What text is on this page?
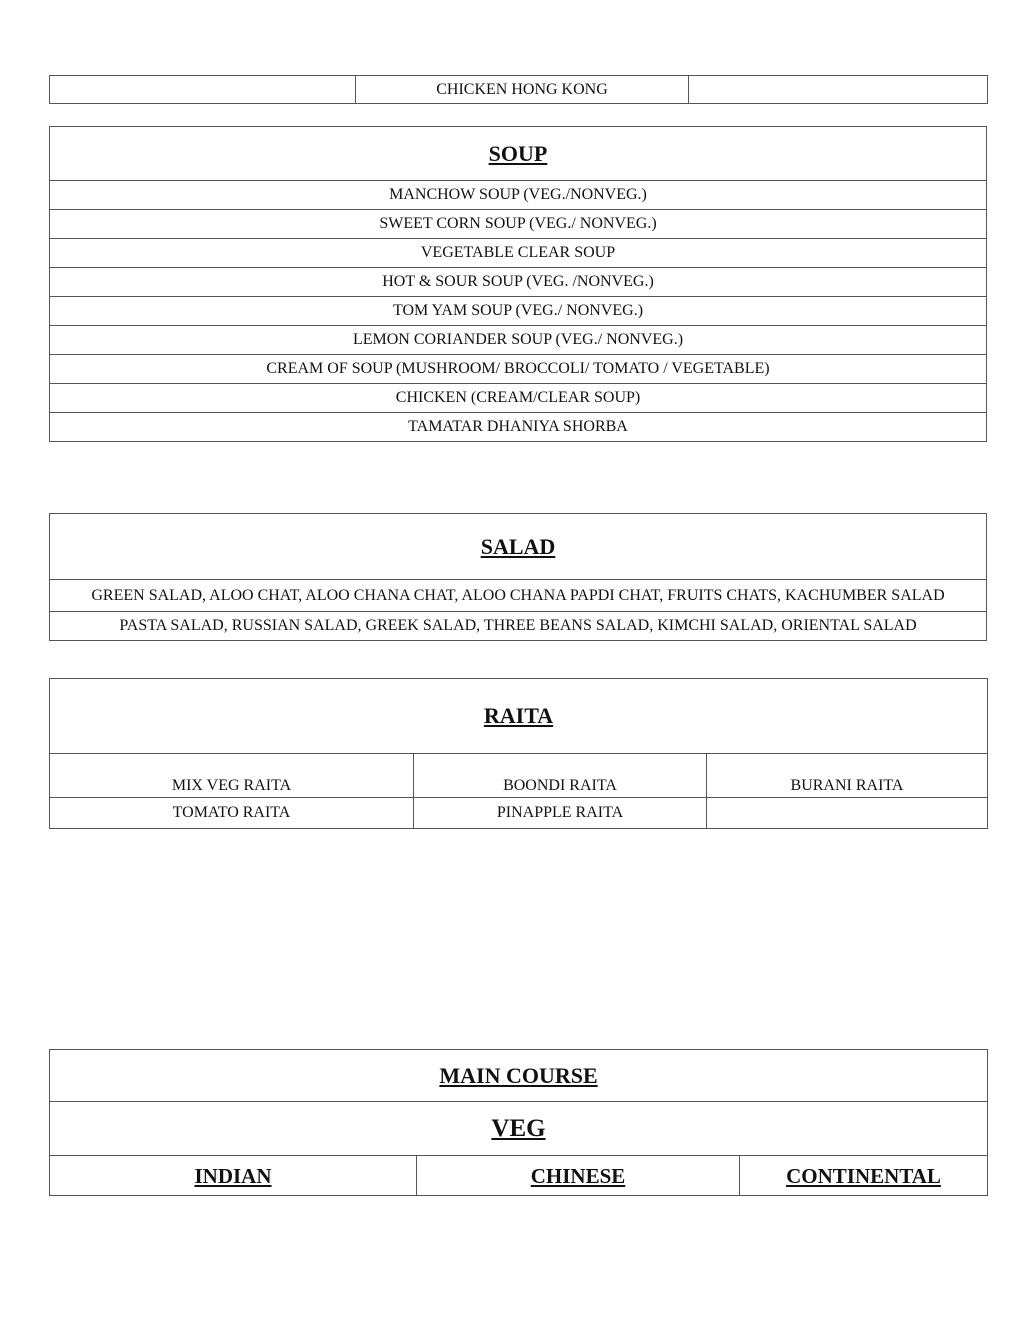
	CHICKEN HONG KONG	
SOUP
MANCHOW SOUP (VEG./NONVEG.)
SWEET CORN SOUP (VEG./ NONVEG.)
VEGETABLE CLEAR SOUP
HOT & SOUR SOUP (VEG. /NONVEG.)
TOM YAM SOUP (VEG./ NONVEG.)
LEMON CORIANDER SOUP (VEG./ NONVEG.)
CREAM OF SOUP (MUSHROOM/ BROCCOLI/ TOMATO / VEGETABLE)
CHICKEN (CREAM/CLEAR SOUP)
TAMATAR DHANIYA SHORBA
SALAD
GREEN SALAD, ALOO CHAT, ALOO CHANA CHAT, ALOO CHANA PAPDI CHAT, FRUITS CHATS, KACHUMBER SALAD
PASTA SALAD, RUSSIAN SALAD, GREEK SALAD, THREE BEANS SALAD, KIMCHI SALAD, ORIENTAL SALAD
RAITA		
MIX VEG RAITA	BOONDI RAITA	BURANI RAITA
TOMATO RAITA	PINAPPLE RAITA	
MAIN COURSE
VEG
INDIAN	CHINESE	CONTINENTAL
